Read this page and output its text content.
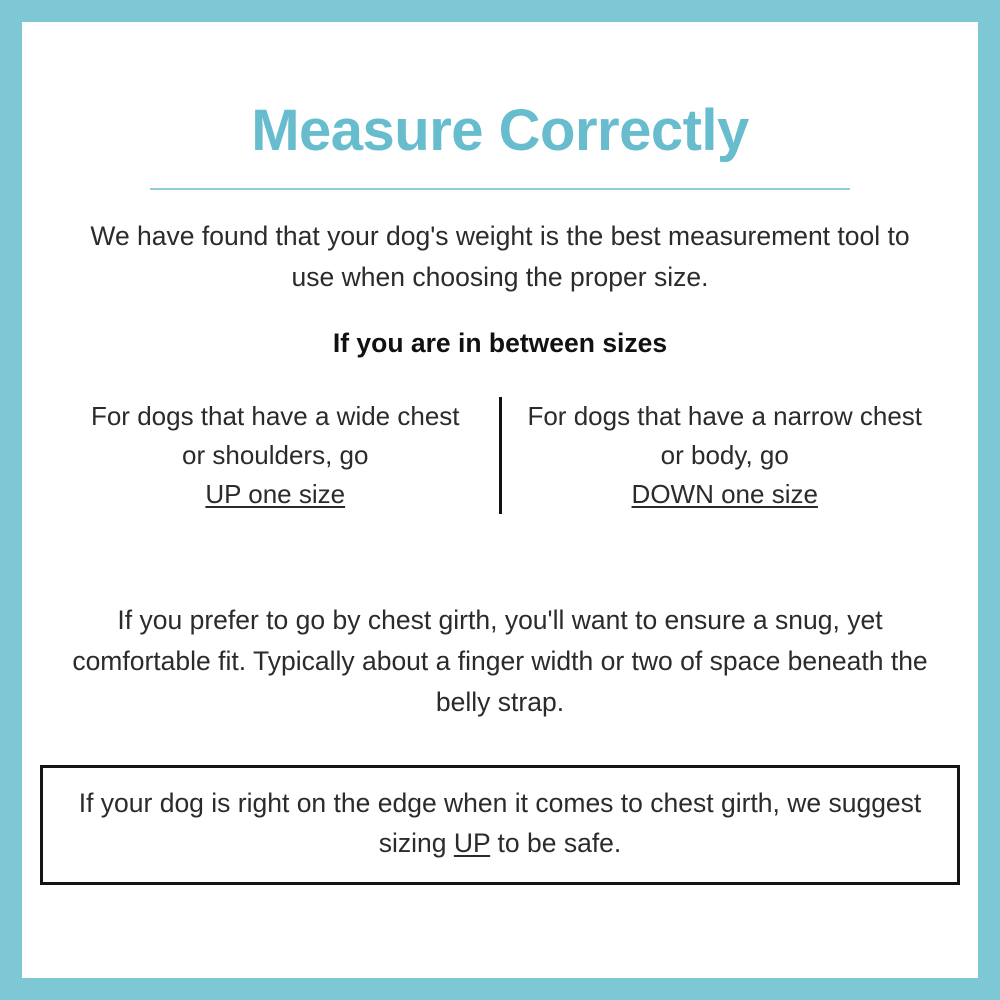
Measure Correctly
We have found that your dog's weight is the best measurement tool to use when choosing the proper size.
If you are in between sizes
For dogs that have a wide chest or shoulders, go
UP one size
For dogs that have a narrow chest or body, go
DOWN one size
If you prefer to go by chest girth, you'll want to ensure a snug, yet comfortable fit. Typically about a finger width or two of space beneath the belly strap.
If your dog is right on the edge when it comes to chest girth, we suggest sizing UP to be safe.
